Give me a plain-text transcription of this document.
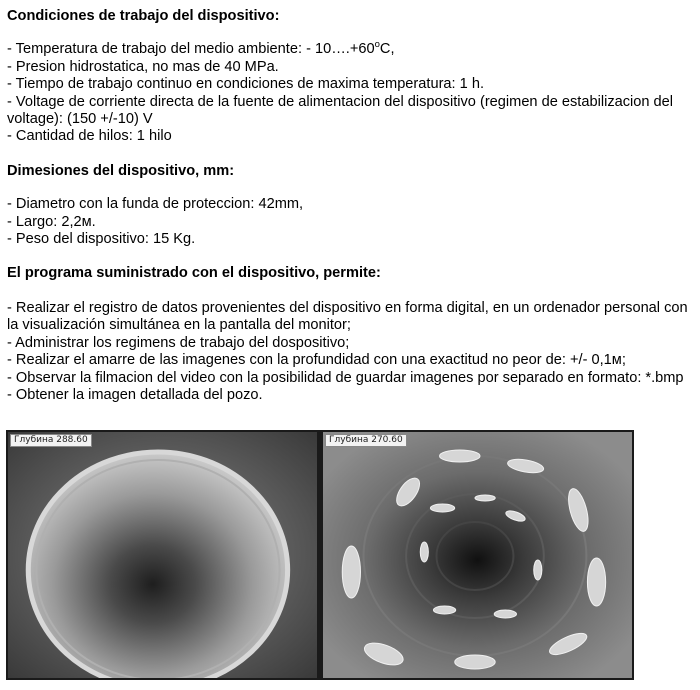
Condiciones de trabajo del dispositivo:

- Temperatura de trabajo del medio ambiente: - $10\dots.+60^oC$,
- Presion hidrostatica, no mas de 40 MPa.
- Tiempo de trabajo continuo en condiciones de maxima temperatura: 1 h.
- Voltage de corriente directa de la fuente de alimentacion del dispositivo (regimen de estabilizacion del voltage): (150 +/-10) V
- Cantidad de hilos: 1 hilo

Dimesiones del dispositivo, mm:

- Diametro con la funda de proteccion: 42mm,
- Largo: 2,2м.
- Peso del dispositivo: 15 Kg.

El programa suministrado con el dispositivo, permite:

- Realizar el registro de datos provenientes del dispositivo en forma digital, en un ordenador personal con la visualización simultánea en la pantalla del monitor;
- Administrar los regimens de trabajo del dospositivo;
- Realizar el amarre de las imagenes con la profundidad con una exactitud no peor de: +/- 0,1м;
- Observar la filmacion del video con la posibilidad de guardar imagenes por separado en formato: *.bmp
- Obtener la imagen detallada del pozo.
Глубина 288.60	Глубина 270.60
